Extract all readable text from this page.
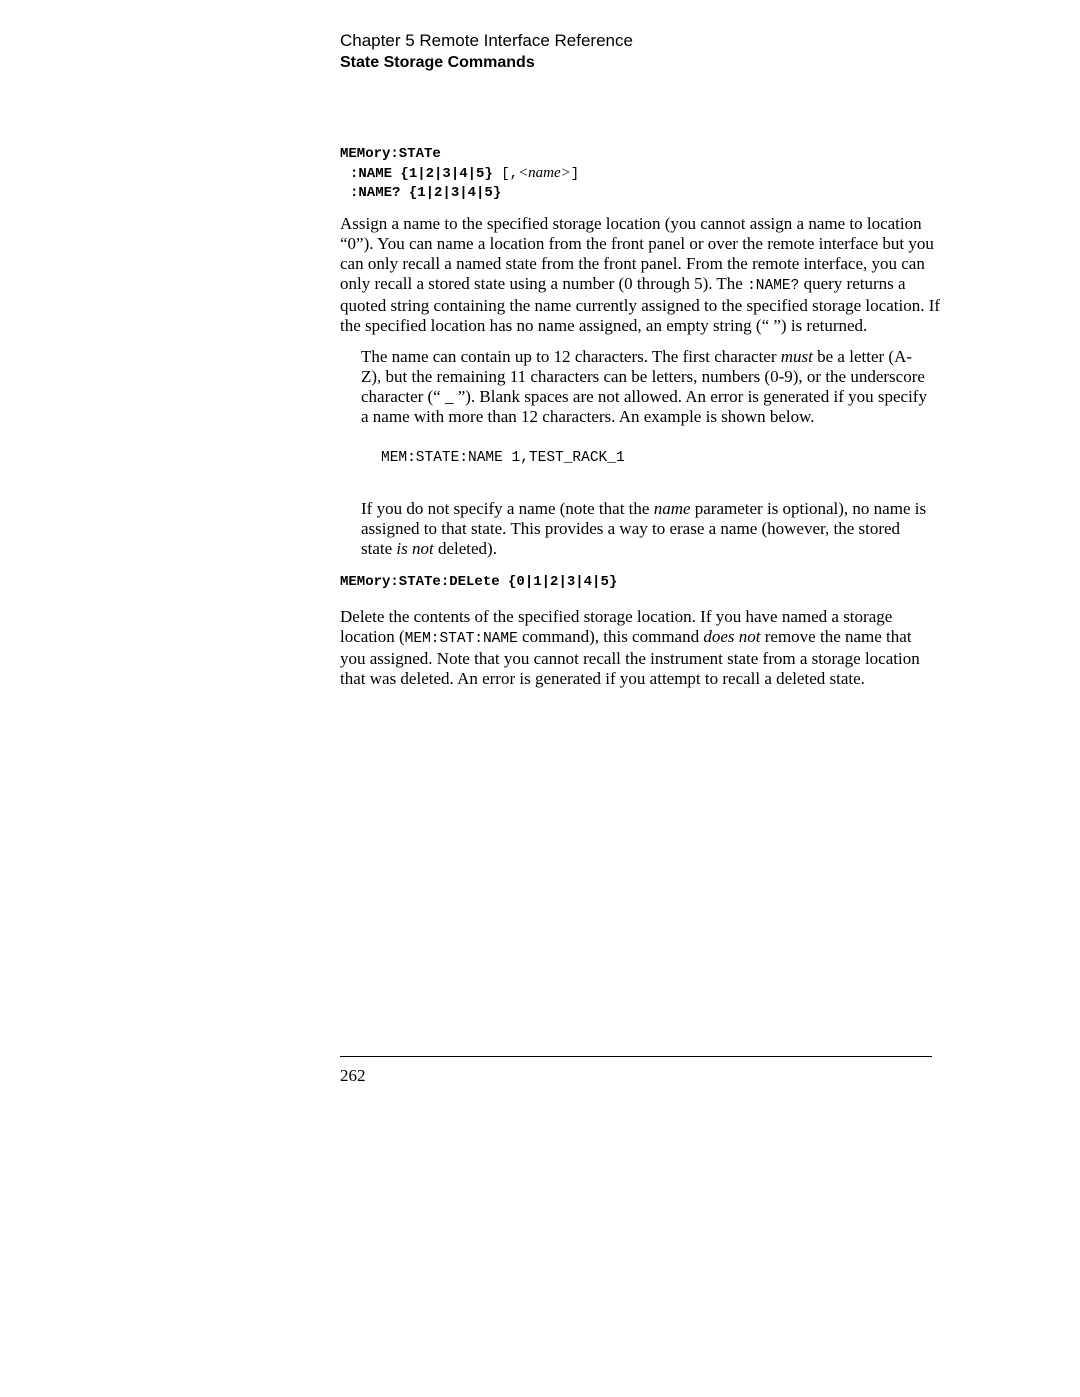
Chapter 5 Remote Interface Reference
State Storage Commands
MEMory:STATe
:NAME {1|2|3|4|5} [,<name>]
:NAME? {1|2|3|4|5}

Assign a name to the specified storage location (you cannot assign a name to location “0”). You can name a location from the front panel or over the remote interface but you can only recall a named state from the front panel. From the remote interface, you can only recall a stored state using a number (0 through 5). The :NAME? query returns a quoted string containing the name currently assigned to the specified storage location. If the specified location has no name assigned, an empty string (“ ”) is returned.

The name can contain up to 12 characters. The first character must be a letter (A-Z), but the remaining 11 characters can be letters, numbers (0-9), or the underscore character (“ _ ”). Blank spaces are not allowed. An error is generated if you specify a name with more than 12 characters. An example is shown below.

MEM:STATE:NAME 1,TEST_RACK_1

If you do not specify a name (note that the name parameter is optional), no name is assigned to that state. This provides a way to erase a name (however, the stored state is not deleted).

MEMory:STATe:DELete {0|1|2|3|4|5}

Delete the contents of the specified storage location. If you have named a storage location (MEM:STAT:NAME command), this command does not remove the name that you assigned. Note that you cannot recall the instrument state from a storage location that was deleted. An error is generated if you attempt to recall a deleted state.

262
